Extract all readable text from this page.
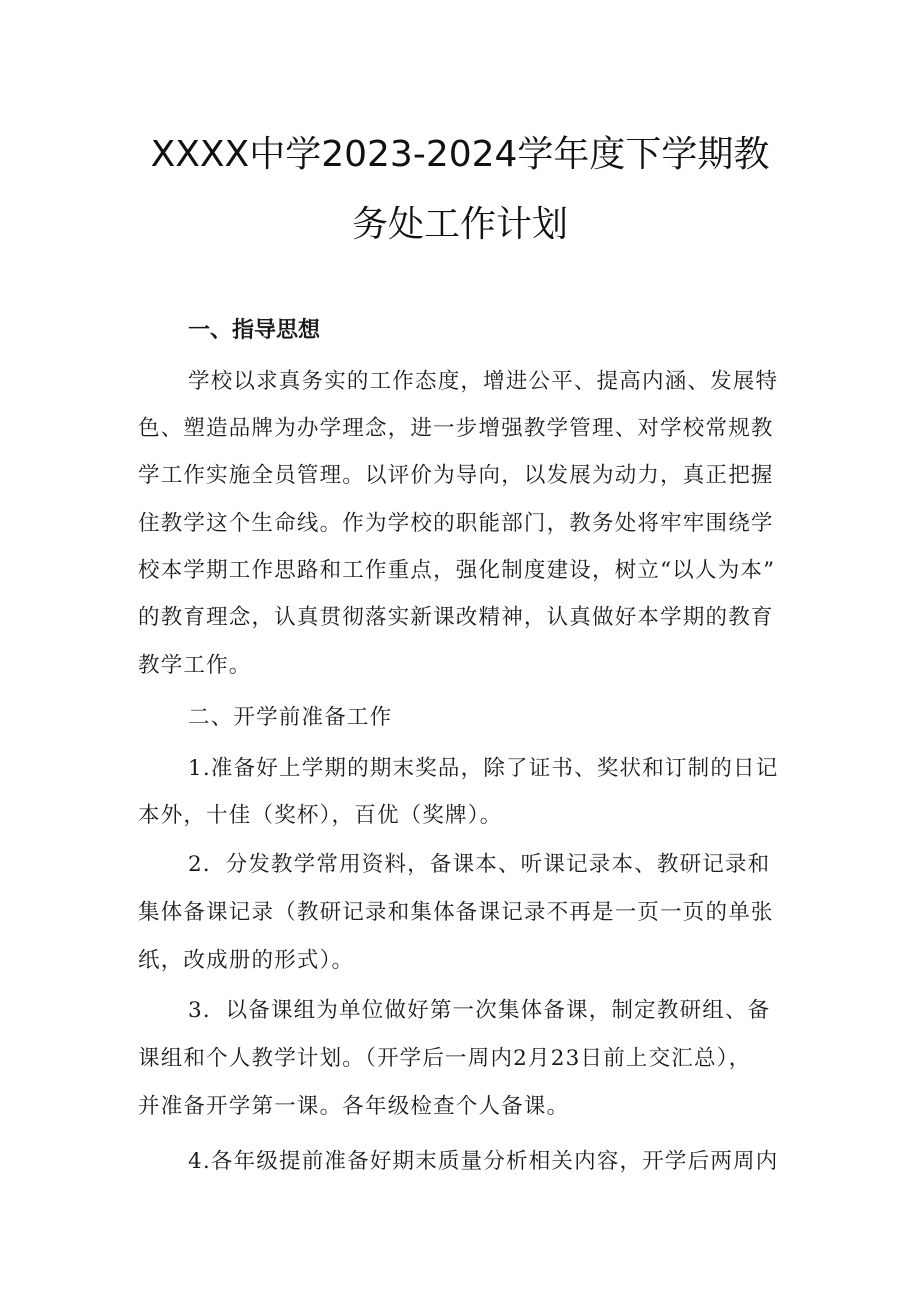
XXXX中学2023-2024学年度下学期教
务处工作计划
一、指导思想
学校以求真务实的工作态度，增进公平、提高内涵、发展特
色、塑造品牌为办学理念，进一步增强教学管理、对学校常规教
学工作实施全员管理。以评价为导向，以发展为动力，真正把握
住教学这个生命线。作为学校的职能部门，教务处将牢牢围绕学
校本学期工作思路和工作重点，强化制度建设，树立“以人为本”
的教育理念，认真贯彻落实新课改精神，认真做好本学期的教育
教学工作。
二、开学前准备工作
1.准备好上学期的期末奖品，除了证书、奖状和订制的日记
本外，十佳（奖杯），百优（奖牌）。
2．分发教学常用资料，备课本、听课记录本、教研记录和
集体备课记录（教研记录和集体备课记录不再是一页一页的单张
纸，改成册的形式）。
3．以备课组为单位做好第一次集体备课，制定教研组、备
课组和个人教学计划。（开学后一周内2月23日前上交汇总），
并准备开学第一课。各年级检查个人备课。
4.各年级提前准备好期末质量分析相关内容，开学后两周内
